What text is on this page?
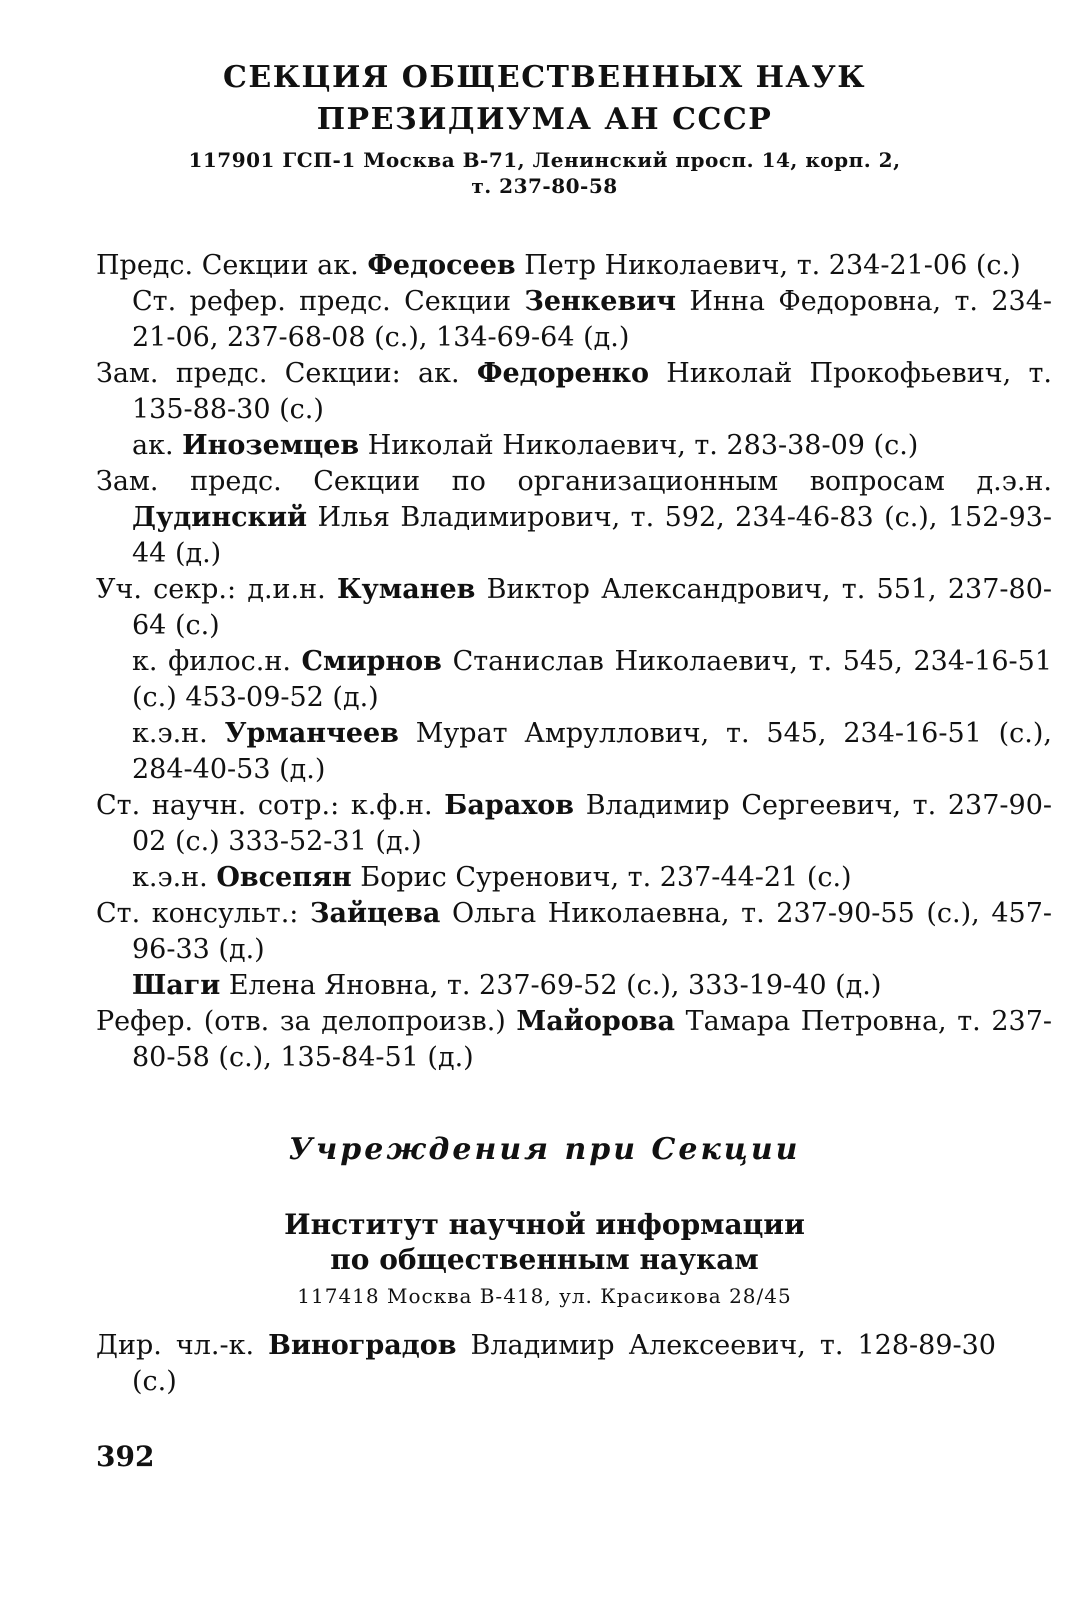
СЕКЦИЯ ОБЩЕСТВЕННЫХ НАУК
ПРЕЗИДИУМА АН СССР
117901 ГСП-1 Москва В-71, Ленинский просп. 14, корп. 2,
т. 237-80-58
Предс. Секции ак. Федосеев Петр Николаевич, т. 234-21-06 (с.)
Ст. рефер. предс. Секции Зенкевич Инна Федоровна, т. 234-21-06, 237-68-08 (с.), 134-69-64 (д.)
Зам. предс. Секции: ак. Федоренко Николай Прокофьевич, т. 135-88-30 (с.)
ак. Иноземцев Николай Николаевич, т. 283-38-09 (с.)
Зам. предс. Секции по организационным вопросам д.э.н. Дудинский Илья Владимирович, т. 592, 234-46-83 (с.), 152-93-44 (д.)
Уч. секр.: д.и.н. Куманев Виктор Александрович, т. 551, 237-80-64 (с.)
к. филос.н. Смирнов Станислав Николаевич, т. 545, 234-16-51 (с.) 453-09-52 (д.)
к.э.н. Урманчеев Мурат Амруллович, т. 545, 234-16-51 (с.), 284-40-53 (д.)
Ст. научн. сотр.: к.ф.н. Барахов Владимир Сергеевич, т. 237-90-02 (с.) 333-52-31 (д.)
к.э.н. Овсепян Борис Суренович, т. 237-44-21 (с.)
Ст. консульт.: Зайцева Ольга Николаевна, т. 237-90-55 (с.), 457-96-33 (д.)
Шаги Елена Яновна, т. 237-69-52 (с.), 333-19-40 (д.)
Рефер. (отв. за делопроизв.) Майорова Тамара Петровна, т. 237-80-58 (с.), 135-84-51 (д.)
Учреждения при Секции
Институт научной информации
по общественным наукам
117418 Москва В-418, ул. Красикова 28/45
Дир. чл.-к. Виноградов Владимир Алексеевич, т. 128-89-30 (с.)
392
